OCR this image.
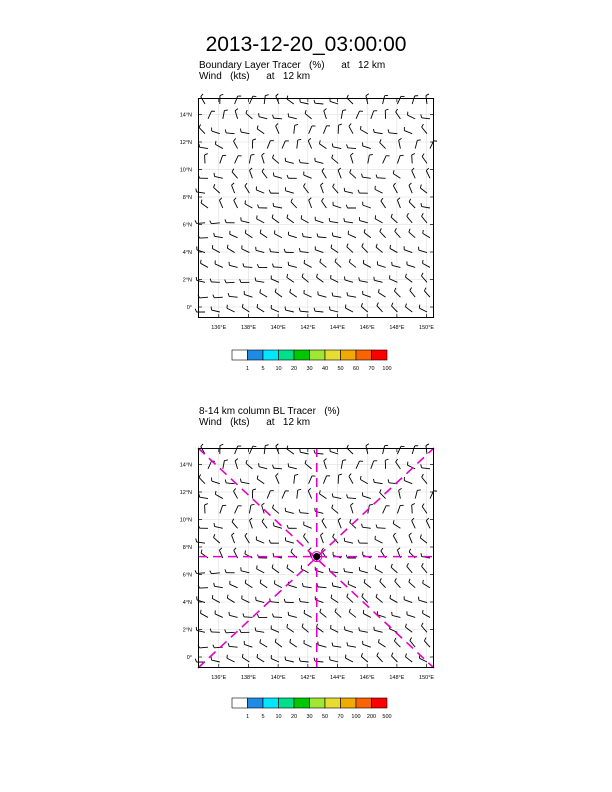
2013-12-20_03:00:00
Boundary Layer Tracer   (%)      at   12 km
Wind   (kts)      at   12 km
136°E	138°E	140°E	142°E	144°E	146°E	148°E	150°E
0°
2°N
4°N
6°N
8°N
10°N
12°N
14°N
1 5 10 20 30 40 50 60 70 100
8-14 km column BL Tracer   (%)
Wind   (kts)      at   12 km
136°E	138°E	140°E	142°E	144°E	146°E	148°E	150°E
0°
2°N
4°N
6°N
8°N
10°N
12°N
14°N
1 5 10 20 30 50 70 100 200 500
